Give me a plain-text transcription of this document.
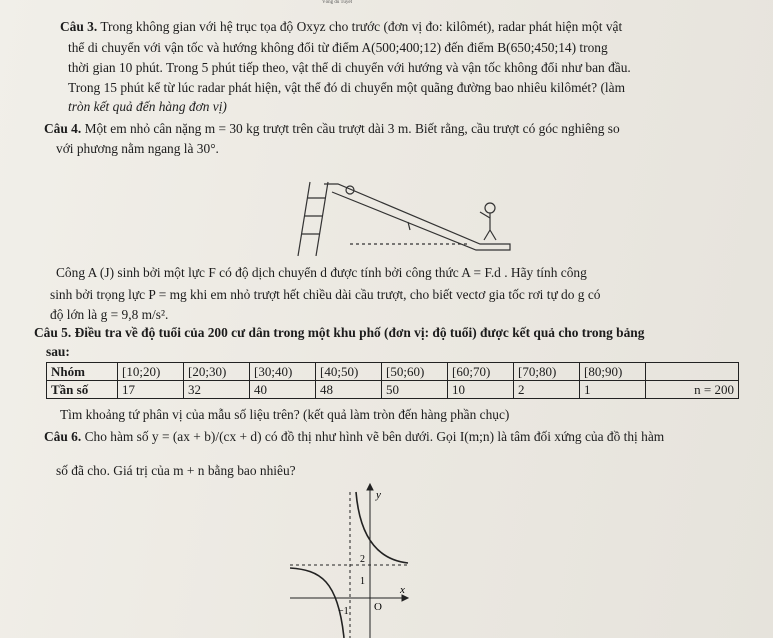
Vòng đu Tuyết
Câu 3. Trong không gian với hệ trục tọa độ Oxyz cho trước (đơn vị đo: kilômét), radar phát hiện một vật
thể di chuyển với vận tốc và hướng không đổi từ điểm A(500;400;12) đến điểm B(650;450;14) trong
thời gian 10 phút. Trong 5 phút tiếp theo, vật thể di chuyển với hướng và vận tốc không đổi như ban đầu.
Trong 15 phút kể từ lúc radar phát hiện, vật thể đó di chuyển một quãng đường bao nhiêu kilômét? (làm
tròn kết quả đến hàng đơn vị)
Câu 4. Một em nhỏ cân nặng m = 30 kg trượt trên cầu trượt dài 3 m. Biết rằng, cầu trượt có góc nghiêng so
với phương nằm ngang là 30°.
Công A (J) sinh bởi một lực F có độ dịch chuyển d được tính bởi công thức A = F.d . Hãy tính công
sinh bởi trọng lực P = mg khi em nhỏ trượt hết chiều dài cầu trượt, cho biết vectơ gia tốc rơi tự do g có
độ lớn là g = 9,8 m/s².
Câu 5. Điều tra về độ tuổi của 200 cư dân trong một khu phố (đơn vị: độ tuổi) được kết quả cho trong bảng
sau:
Nhóm	[10;20)	[20;30)	[30;40)	[40;50)	[50;60)	[60;70)	[70;80)	[80;90)	
Tần số	17	32	40	48	50	10	2	1	n = 200
Tìm khoảng tứ phân vị của mẫu số liệu trên? (kết quả làm tròn đến hàng phần chục)
Câu 6. Cho hàm số y = (ax + b)/(cx + d) có đồ thị như hình vẽ bên dưới. Gọi I(m;n) là tâm đối xứng của đồ thị hàm
số đã cho. Giá trị của m + n bằng bao nhiêu?
y
x
O
2
1
−1
